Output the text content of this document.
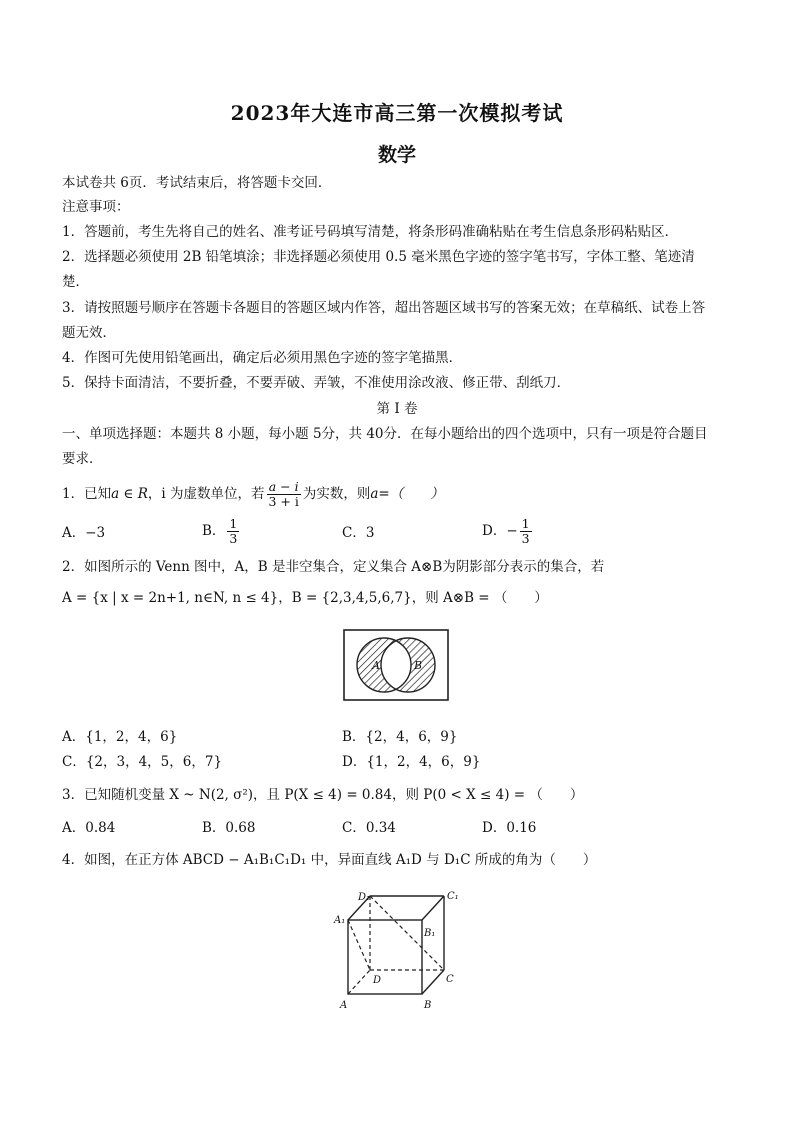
2023年大连市高三第一次模拟考试
数学
本试卷共 6页．考试结束后，将答题卡交回．
注意事项：
1．答题前，考生先将自己的姓名、准考证号码填写清楚，将条形码准确粘贴在考生信息条形码粘贴区．
2．选择题必须使用 2B 铅笔填涂；非选择题必须使用 0.5 毫米黑色字迹的签字笔书写，字体工整、笔迹清
楚．
3．请按照题号顺序在答题卡各题目的答题区域内作答，超出答题区域书写的答案无效；在草稿纸、试卷上答
题无效．
4．作图可先使用铅笔画出，确定后必须用黑色字迹的签字笔描黑．
5．保持卡面清洁，不要折叠，不要弄破、弄皱，不准使用涂改液、修正带、刮纸刀．
第 I 卷
一、单项选择题：本题共 8 小题，每小题 5分，共 40分．在每小题给出的四个选项中，只有一项是符合题目
要求．
1．已知a ∈ R，i 为虚数单位，若 $\frac{a - i}{3 + i}$ 为实数，则a=（　　）
A．−3	B． $\frac{1}{3}$	C．3	D．− $\frac{1}{3}$
2．如图所示的 Venn 图中，A，B 是非空集合，定义集合 A⊗B为阴影部分表示的集合，若
A = {x | x = 2n+1, n∈N, n ≤ 4}，B = {2,3,4,5,6,7}，则 A⊗B = （　　）
A	B
A．{1，2，4，6}	B．{2，4，6，9}
C．{2，3，4，5，6，7}	D．{1，2，4，6，9}
3．已知随机变量 X ~ N(2, σ²)，且 P(X ≤ 4) = 0.84，则 P(0 < X ≤ 4) = （　　）
A．0.84	B．0.68	C．0.34	D．0.16
4．如图，在正方体 ABCD − A₁B₁C₁D₁ 中，异面直线 A₁D 与 D₁C 所成的角为（　　）
D₁	C₁
A₁
B₁
D	C
A	B
